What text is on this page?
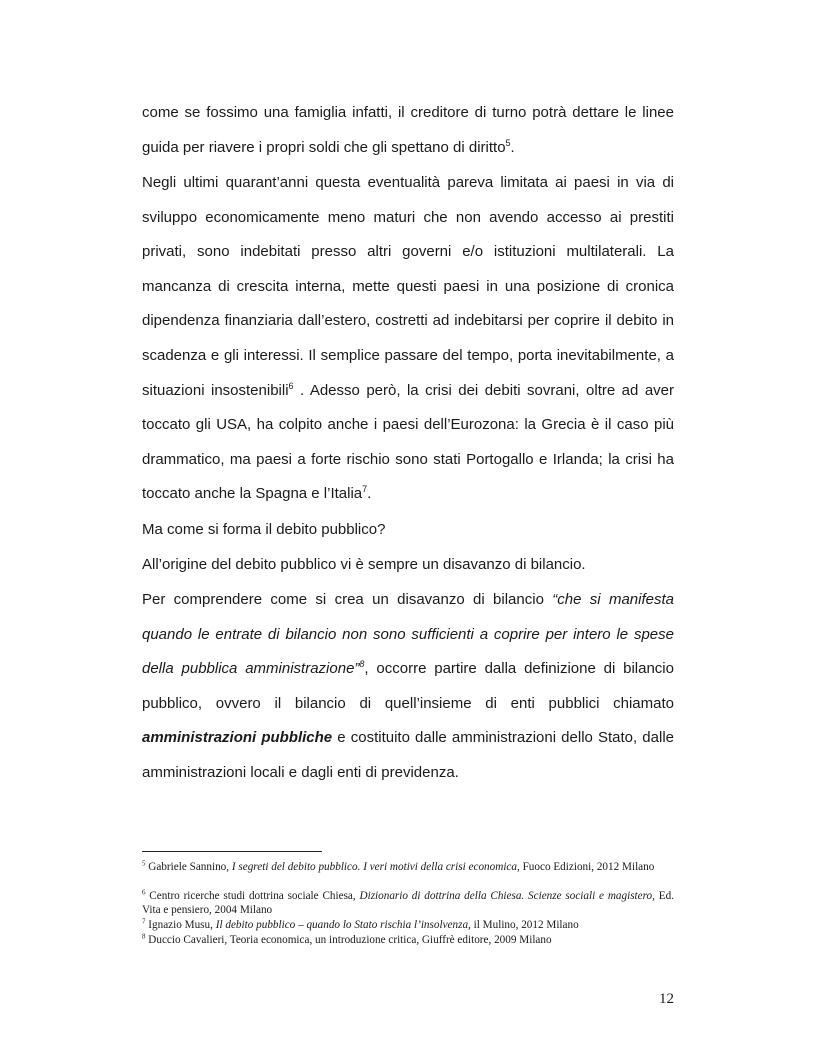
come se fossimo una famiglia infatti, il creditore di turno potrà dettare le linee guida per riavere i propri soldi che gli spettano di diritto$^5$.

Negli ultimi quarant’anni questa eventualità pareva limitata ai paesi in via di sviluppo economicamente meno maturi che non avendo accesso ai prestiti privati, sono indebitati presso altri governi e/o istituzioni multilaterali. La mancanza di crescita interna, mette questi paesi in una posizione di cronica dipendenza finanziaria dall’estero, costretti ad indebitarsi per coprire il debito in scadenza e gli interessi. Il semplice passare del tempo, porta inevitabilmente, a situazioni insostenibili$^6$ . Adesso però, la crisi dei debiti sovrani, oltre ad aver toccato gli USA, ha colpito anche i paesi dell’Eurozona: la Grecia è il caso più drammatico, ma paesi a forte rischio sono stati Portogallo e Irlanda; la crisi ha toccato anche la Spagna e l’Italia$^7$.

Ma come si forma il debito pubblico?

All’origine del debito pubblico vi è sempre un disavanzo di bilancio.

Per comprendere come si crea un disavanzo di bilancio “che si manifesta quando le entrate di bilancio non sono sufficienti a coprire per intero le spese della pubblica amministrazione”$^8$, occorre partire dalla definizione di bilancio pubblico, ovvero il bilancio di quell’insieme di enti pubblici chiamato amministrazioni pubbliche e costituito dalle amministrazioni dello Stato, dalle amministrazioni locali e dagli enti di previdenza.

$^5$ Gabriele Sannino, I segreti del debito pubblico. I veri motivi della crisi economica, Fuoco Edizioni, 2012 Milano

$^6$ Centro ricerche studi dottrina sociale Chiesa, Dizionario di dottrina della Chiesa. Scienze sociali e magistero, Ed. Vita e pensiero, 2004 Milano

$^7$ Ignazio Musu, Il debito pubblico – quando lo Stato rischia l’insolvenza, il Mulino, 2012 Milano

$^8$ Duccio Cavalieri, Teoria economica, un introduzione critica, Giuffrè editore, 2009 Milano

12
